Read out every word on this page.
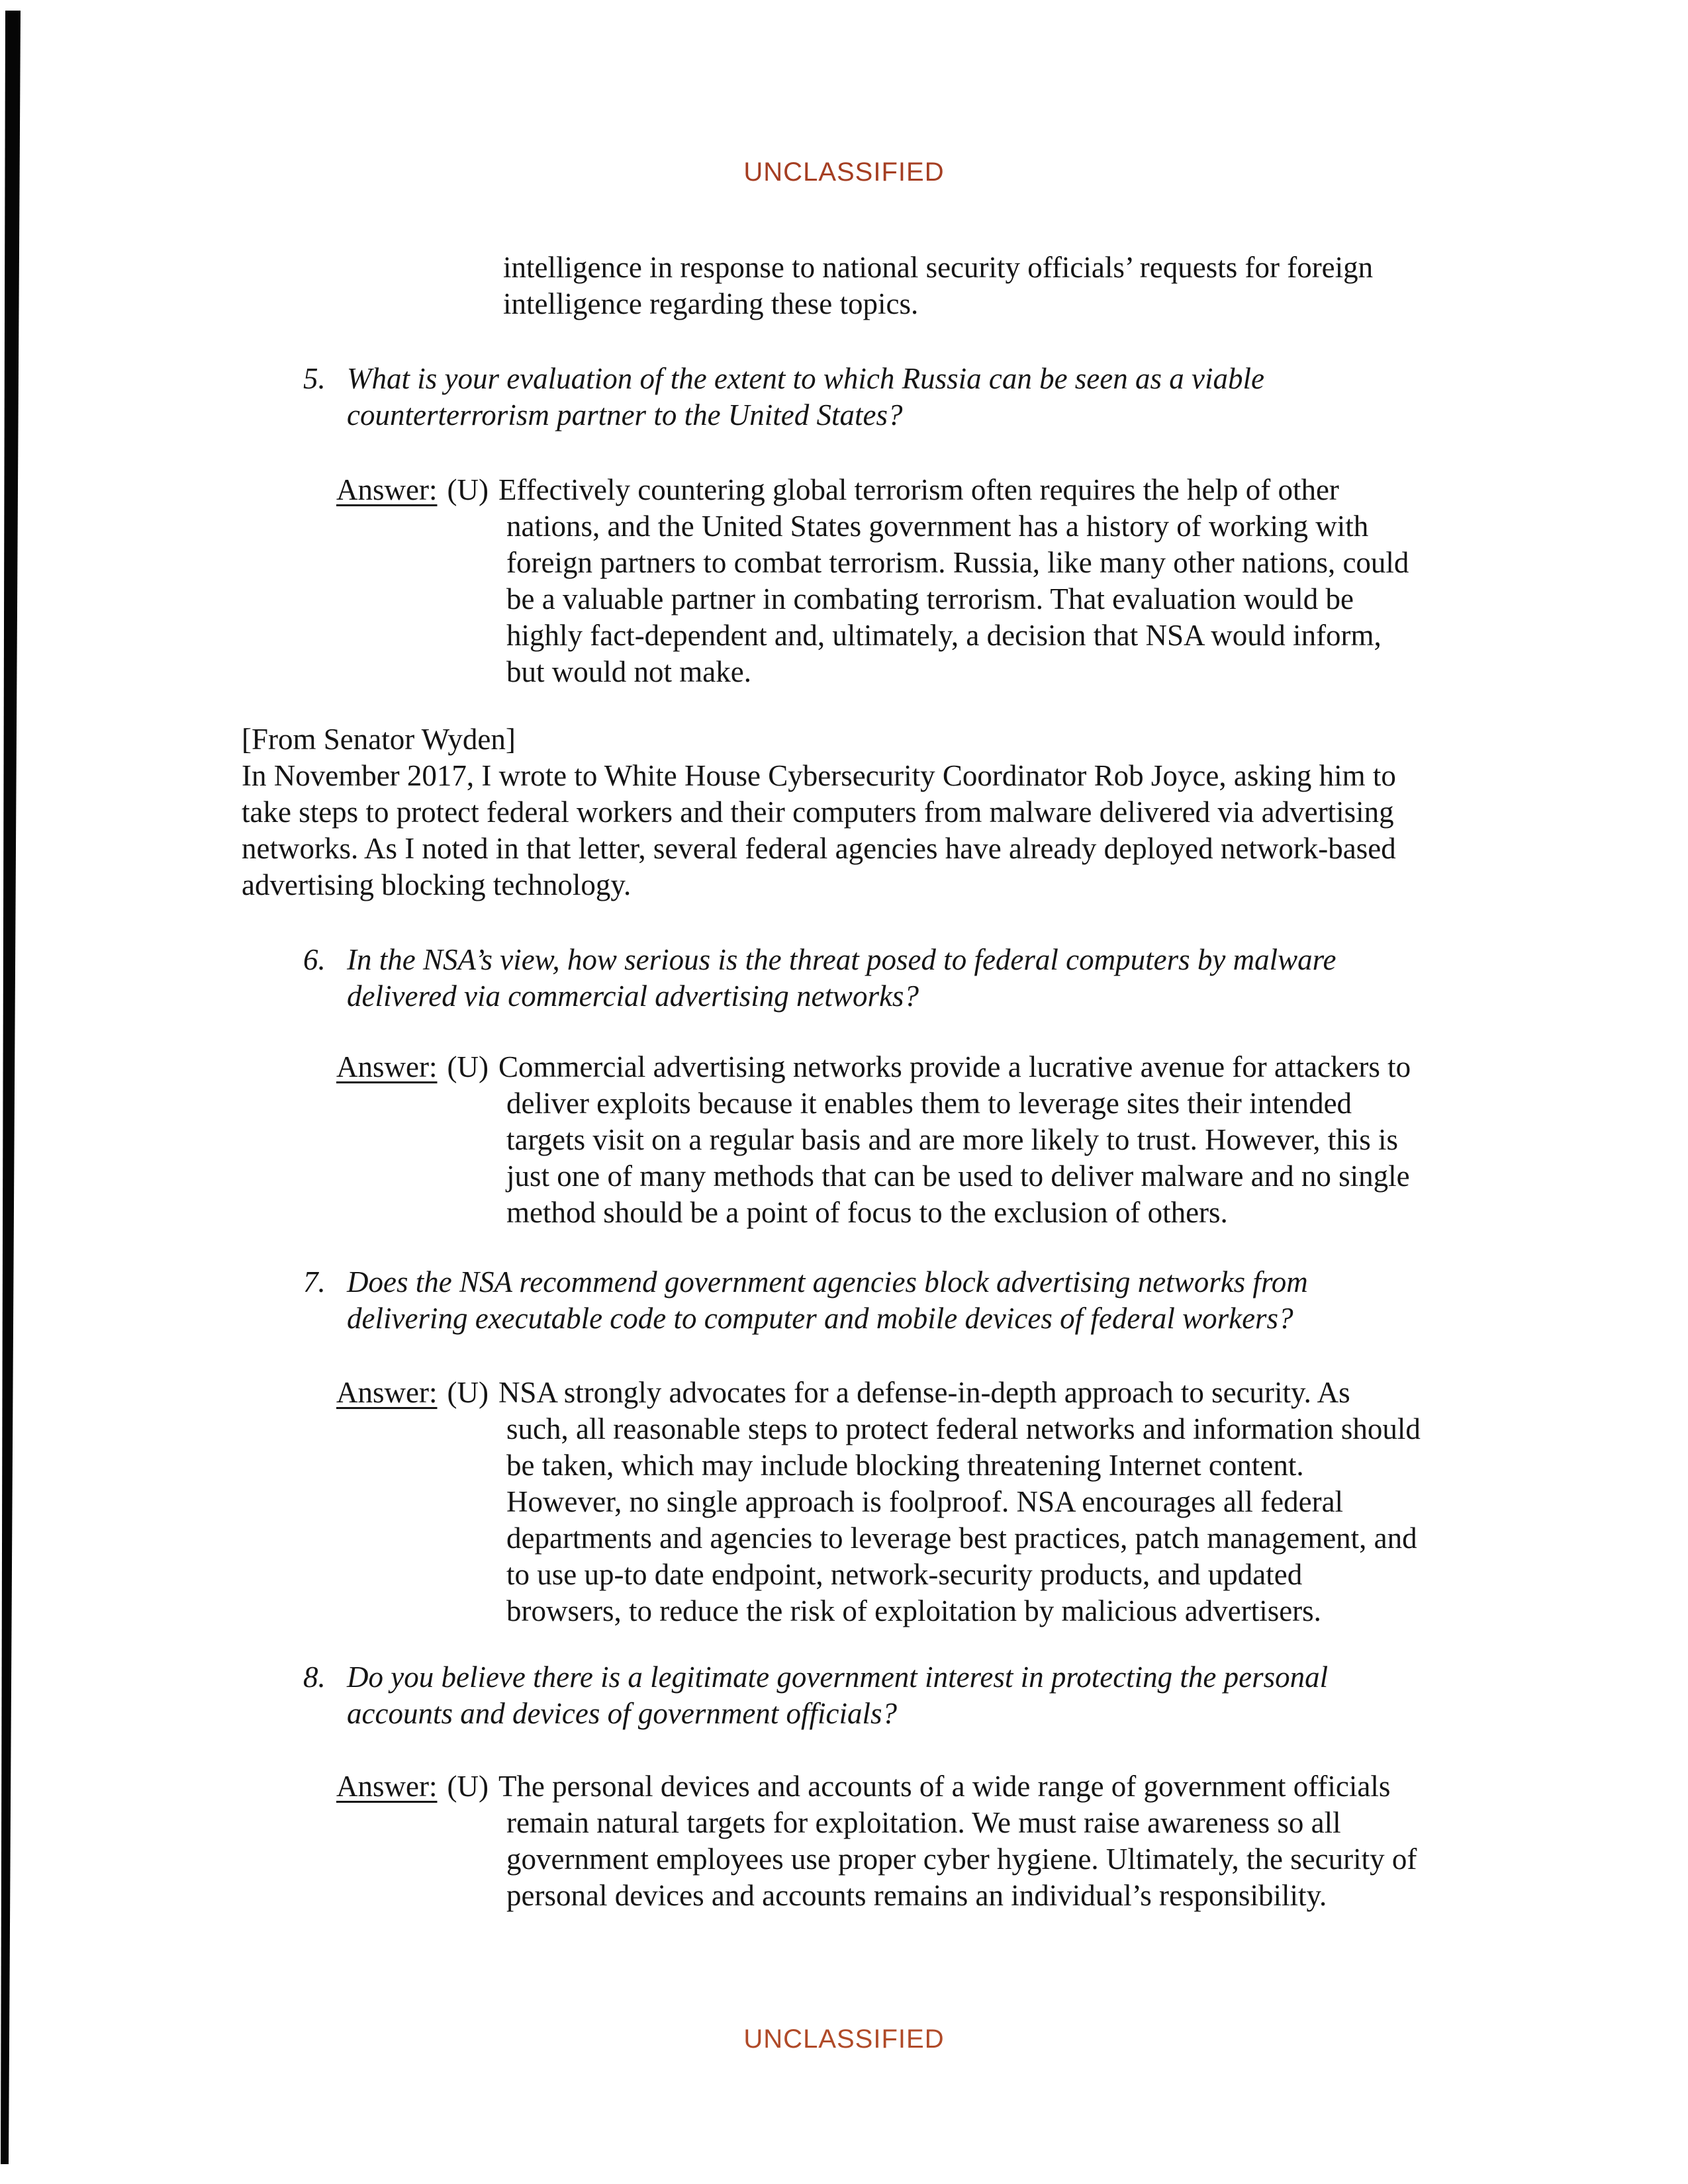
UNCLASSIFIED
intelligence in response to national security officials’ requests for foreign
intelligence regarding these topics.
5. What is your evaluation of the extent to which Russia can be seen as a viable
counterterrorism partner to the United States?
Answer: (U) Effectively countering global terrorism often requires the help of other
nations, and the United States government has a history of working with
foreign partners to combat terrorism. Russia, like many other nations, could
be a valuable partner in combating terrorism. That evaluation would be
highly fact-dependent and, ultimately, a decision that NSA would inform,
but would not make.
[From Senator Wyden]
In November 2017, I wrote to White House Cybersecurity Coordinator Rob Joyce, asking him to
take steps to protect federal workers and their computers from malware delivered via advertising
networks. As I noted in that letter, several federal agencies have already deployed network-based
advertising blocking technology.
6. In the NSA’s view, how serious is the threat posed to federal computers by malware
delivered via commercial advertising networks?
Answer: (U) Commercial advertising networks provide a lucrative avenue for attackers to
deliver exploits because it enables them to leverage sites their intended
targets visit on a regular basis and are more likely to trust. However, this is
just one of many methods that can be used to deliver malware and no single
method should be a point of focus to the exclusion of others.
7. Does the NSA recommend government agencies block advertising networks from
delivering executable code to computer and mobile devices of federal workers?
Answer: (U) NSA strongly advocates for a defense-in-depth approach to security. As
such, all reasonable steps to protect federal networks and information should
be taken, which may include blocking threatening Internet content.
However, no single approach is foolproof. NSA encourages all federal
departments and agencies to leverage best practices, patch management, and
to use up-to date endpoint, network-security products, and updated
browsers, to reduce the risk of exploitation by malicious advertisers.
8. Do you believe there is a legitimate government interest in protecting the personal
accounts and devices of government officials?
Answer: (U) The personal devices and accounts of a wide range of government officials
remain natural targets for exploitation. We must raise awareness so all
government employees use proper cyber hygiene. Ultimately, the security of
personal devices and accounts remains an individual’s responsibility.
UNCLASSIFIED
